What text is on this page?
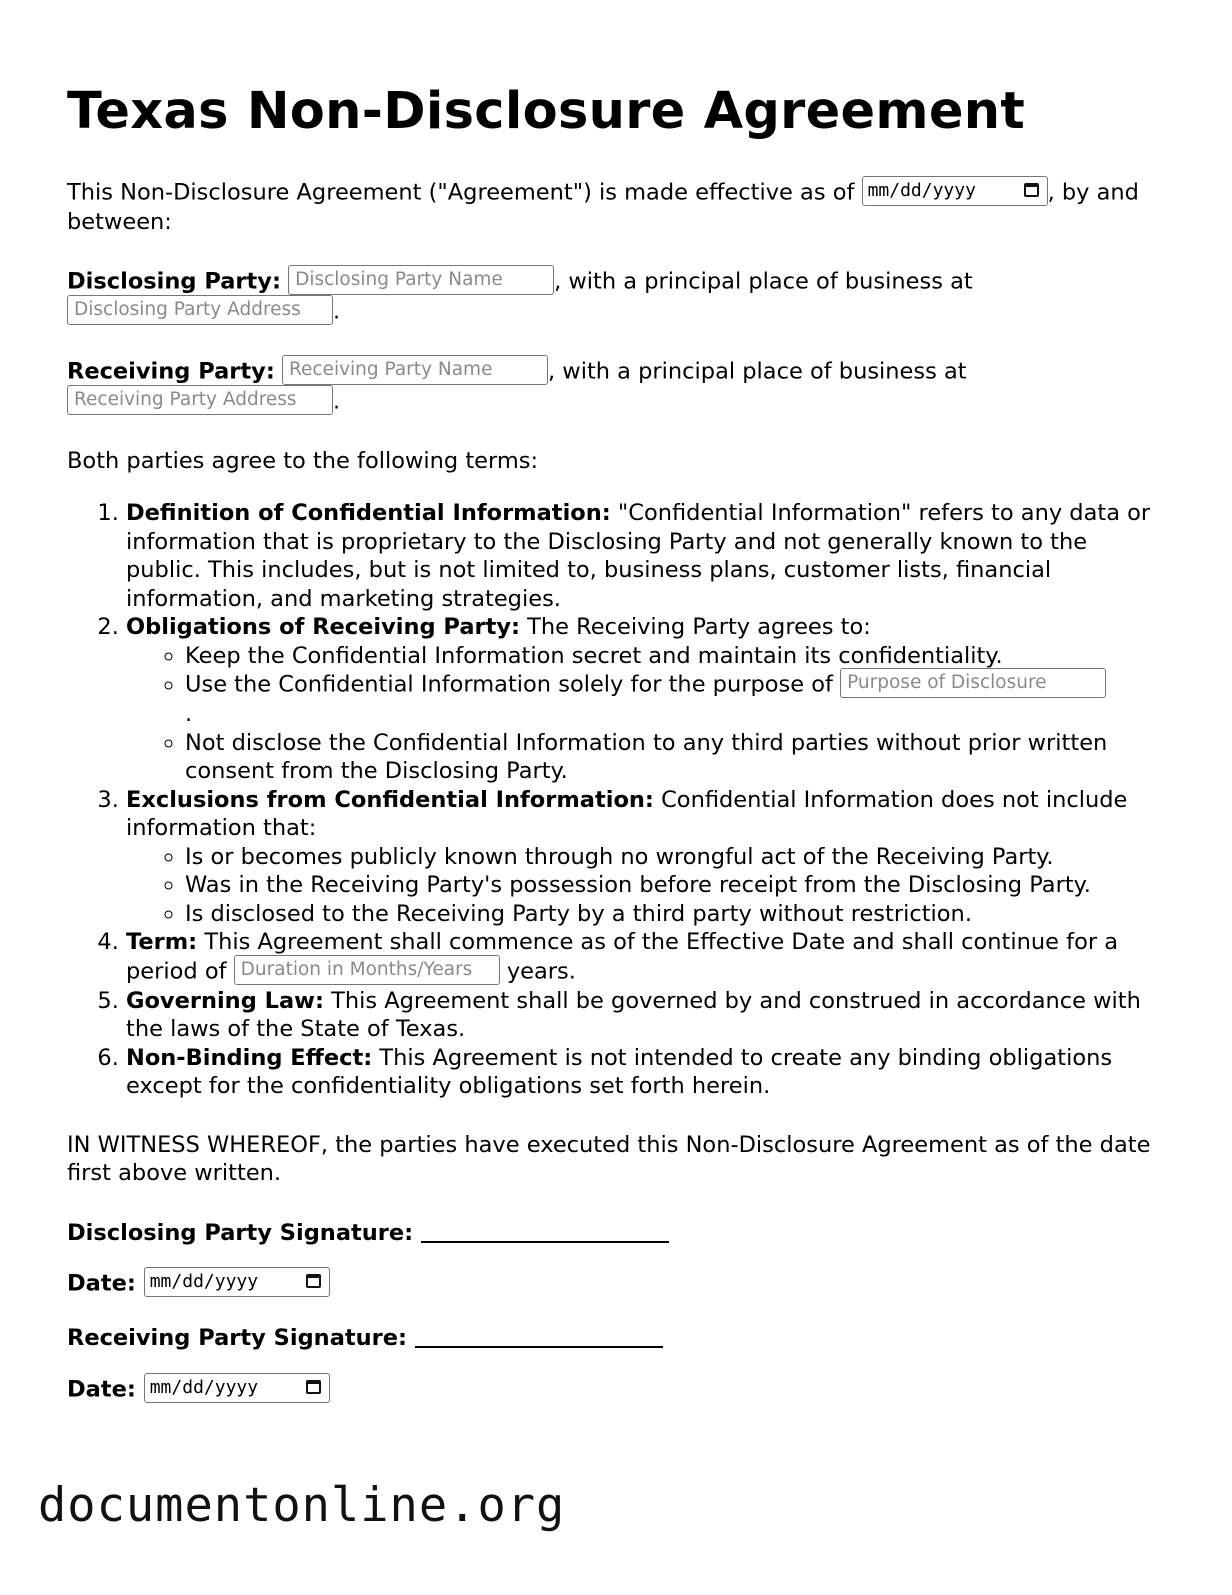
Texas Non-Disclosure Agreement

This Non-Disclosure Agreement ("Agreement") is made effective as of mm/dd/yyyy	, by and between:

Disclosing Party: Disclosing Party Name , with a principal place of business at Disclosing Party Address .

Receiving Party: Receiving Party Name , with a principal place of business at Receiving Party Address .

Both parties agree to the following terms:

1. Definition of Confidential Information: "Confidential Information" refers to any data or information that is proprietary to the Disclosing Party and not generally known to the public. This includes, but is not limited to, business plans, customer lists, financial information, and marketing strategies.
2. Obligations of Receiving Party: The Receiving Party agrees to:
◦ Keep the Confidential Information secret and maintain its confidentiality.
◦ Use the Confidential Information solely for the purpose of Purpose of Disclosure
.
◦ Not disclose the Confidential Information to any third parties without prior written consent from the Disclosing Party.
3. Exclusions from Confidential Information: Confidential Information does not include information that:
◦ Is or becomes publicly known through no wrongful act of the Receiving Party.
◦ Was in the Receiving Party's possession before receipt from the Disclosing Party.
◦ Is disclosed to the Receiving Party by a third party without restriction.
4. Term: This Agreement shall commence as of the Effective Date and shall continue for a period of Duration in Months/Years years.
5. Governing Law: This Agreement shall be governed by and construed in accordance with the laws of the State of Texas.
6. Non-Binding Effect: This Agreement is not intended to create any binding obligations except for the confidentiality obligations set forth herein.

IN WITNESS WHEREOF, the parties have executed this Non-Disclosure Agreement as of the date first above written.

Disclosing Party Signature:
Date: mm/dd/yyyy
Receiving Party Signature:
Date: mm/dd/yyyy
documentonline.org
